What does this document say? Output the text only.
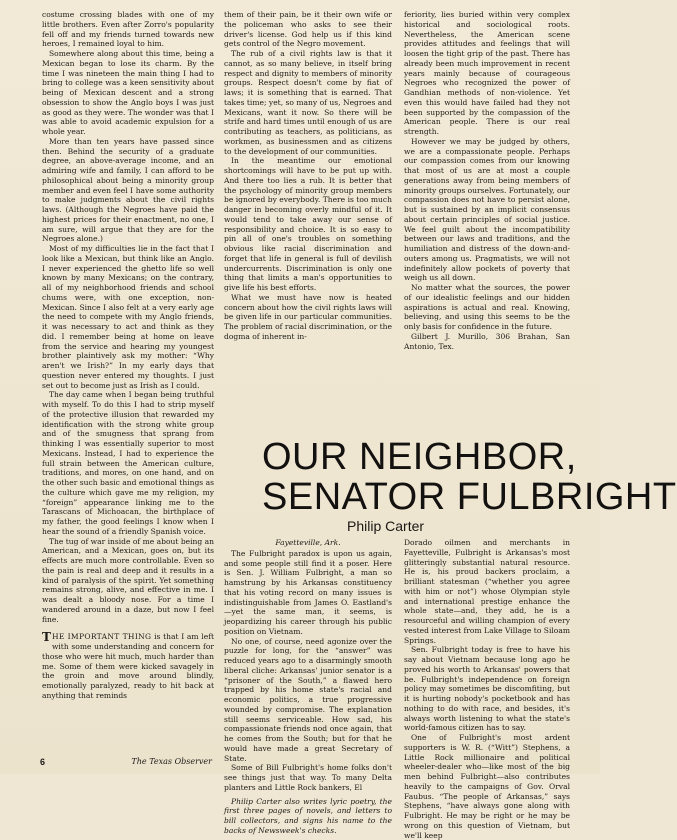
costume crossing blades with one of my little brothers. Even after Zorro's popularity fell off and my friends turned towards new heroes, I remained loyal to him.

Somewhere along about this time, being a Mexican began to lose its charm. By the time I was nineteen the main thing I had to bring to college was a keen sensitivity about being of Mexican descent and a strong obsession to show the Anglo boys I was just as good as they were. The wonder was that I was able to avoid academic expulsion for a whole year.

More than ten years have passed since then. Behind the security of a graduate degree, an above-average income, and an admiring wife and family, I can afford to be philosophical about being a minority group member and even feel I have some authority to make judgments about the civil rights laws. (Although the Negroes have paid the highest prices for their enactment, no one, I am sure, will argue that they are for the Negroes alone.)

Most of my difficulties lie in the fact that I look like a Mexican, but think like an Anglo. I never experienced the ghetto life so well known by many Mexicans; on the contrary, all of my neighborhood friends and school chums were, with one exception, non-Mexican. Since I also felt at a very early age the need to compete with my Anglo friends, it was necessary to act and think as they did. I remember being at home on leave from the service and hearing my youngest brother plaintively ask my mother: “Why aren't we Irish?” In my early days that question never entered my thoughts. I just set out to become just as Irish as I could.

The day came when I began being truthful with myself. To do this I had to strip myself of the protective illusion that rewarded my identification with the strong white group and of the smugness that sprang from thinking I was essentially superior to most Mexicans. Instead, I had to experience the full strain between the American culture, traditions, and mores, on one hand, and on the other such basic and emotional things as the culture which gave me my religion, my “foreign” appearance linking me to the Tarascans of Michoacan, the birthplace of my father, the good feelings I know when I hear the sound of a friendly Spanish voice.

The tug of war inside of me about being an American, and a Mexican, goes on, but its effects are much more controllable. Even so the pain is real and deep and it results in a kind of paralysis of the spirit. Yet something remains strong, alive, and effective in me. I was dealt a bloody nose. For a time I wandered around in a daze, but now I feel fine.

THE IMPORTANT THING is that I am left with some understanding and concern for those who were hit much, much harder than me. Some of them were kicked savagely in the groin and move around blindly, emotionally paralyzed, ready to hit back at anything that reminds

them of their pain, be it their own wife or the policeman who asks to see their driver's license. God help us if this kind gets control of the Negro movement.

The rub of a civil rights law is that it cannot, as so many believe, in itself bring respect and dignity to members of minority groups. Respect doesn't come by fiat of laws; it is something that is earned. That takes time; yet, so many of us, Negroes and Mexicans, want it now. So there will be strife and hard times until enough of us are contributing as teachers, as politicians, as workmen, as businessmen and as citizens to the development of our communities.

In the meantime our emotional shortcomings will have to be put up with. And there too lies a rub. It is better that the psychology of minority group members be ignored by everybody. There is too much danger in becoming overly mindful of it. It would tend to take away our sense of responsibility and choice. It is so easy to pin all of one's troubles on something obvious like racial discrimination and forget that life in general is full of devilish undercurrents. Discrimination is only one thing that limits a man's opportunities to give life his best efforts.

What we must have now is heated concern about how the civil rights laws will be given life in our particular communities. The problem of racial discrimination, or the dogma of inherent in-

feriority, lies buried within very complex historical and sociological roots. Nevertheless, the American scene provides attitudes and feelings that will loosen the tight grip of the past. There has already been much improvement in recent years mainly because of courageous Negroes who recognized the power of Gandhian methods of non-violence. Yet even this would have failed had they not been supported by the compassion of the American people. There is our real strength.

However we may be judged by others, we are a compassionate people. Perhaps our compassion comes from our knowing that most of us are at most a couple generations away from being members of minority groups ourselves. Fortunately, our compassion does not have to persist alone, but is sustained by an implicit consensus about certain principles of social justice. We feel guilt about the incompatibility between our laws and traditions, and the humiliation and distress of the down-and-outers among us. Pragmatists, we will not indefinitely allow pockets of poverty that weigh us all down.

No matter what the sources, the power of our idealistic feelings and our hidden aspirations is actual and real. Knowing, believing, and using this seems to be the only basis for confidence in the future.

Gilbert J. Murillo, 306 Brahan, San Antonio, Tex.

OUR NEIGHBOR,
SENATOR FULBRIGHT
Philip Carter

Fayetteville, Ark.

The Fulbright paradox is upon us again, and some people still find it a poser. Here is Sen. J. William Fulbright, a man so hamstrung by his Arkansas constituency that his voting record on many issues is indistinguishable from James O. Eastland's—yet the same man, it seems, is jeopardizing his career through his public position on Vietnam.

No one, of course, need agonize over the puzzle for long, for the “answer” was reduced years ago to a disarmingly smooth liberal cliche: Arkansas' junior senator is a “prisoner of the South,” a flawed hero trapped by his home state's racial and economic politics, a true progressive wounded by compromise. The explanation still seems serviceable. How sad, his compassionate friends nod once again, that he comes from the South; but for that he would have made a great Secretary of State.

Some of Bill Fulbright's home folks don't see things just that way. To many Delta planters and Little Rock bankers, El

Philip Carter also writes lyric poetry, the first three pages of novels, and letters to bill collectors, and signs his name to the backs of Newsweek's checks.

Dorado oilmen and merchants in Fayetteville, Fulbright is Arkansas's most glitteringly substantial natural resource. He is, his proud backers proclaim, a brilliant statesman (“whether you agree with him or not”) whose Olympian style and international prestige enhance the whole state—and, they add, he is a resourceful and willing champion of every vested interest from Lake Village to Siloam Springs.

Sen. Fulbright today is free to have his say about Vietnam because long ago he proved his worth to Arkansas' powers that be. Fulbright's independence on foreign policy may sometimes be discomfiting, but it is hurting nobody's pocketbook and has nothing to do with race, and besides, it's always worth listening to what the state's world-famous citizen has to say.

One of Fulbright's most ardent supporters is W. R. (“Witt”) Stephens, a Little Rock millionaire and political wheeler-dealer who—like most of the big men behind Fulbright—also contributes heavily to the campaigns of Gov. Orval Faubus. “The people of Arkansas,” says Stephens, “have always gone along with Fulbright. He may be right or he may be wrong on this question of Vietnam, but we'll keep

6	The Texas Observer
